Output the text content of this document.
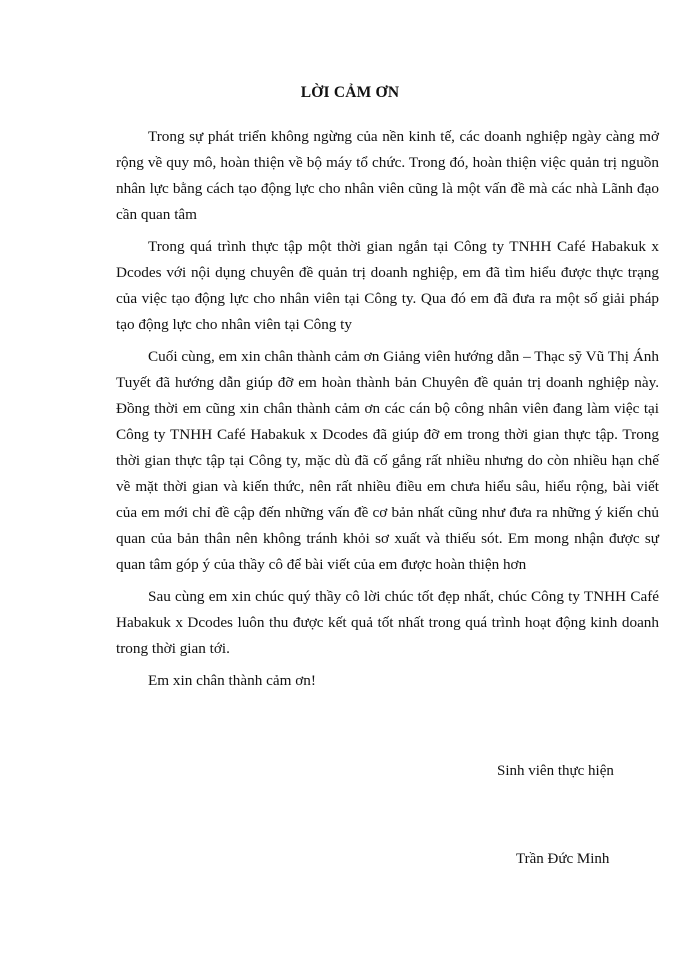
LỜI CẢM ƠN

Trong sự phát triển không ngừng của nền kinh tế, các doanh nghiệp ngày càng mở rộng về quy mô, hoàn thiện về bộ máy tổ chức. Trong đó, hoàn thiện việc quản trị nguồn nhân lực bằng cách tạo động lực cho nhân viên cũng là một vấn đề mà các nhà Lãnh đạo cần quan tâm

Trong quá trình thực tập một thời gian ngắn tại Công ty TNHH Café Habakuk x Dcodes với nội dụng chuyên đề quản trị doanh nghiệp, em đã tìm hiểu được thực trạng của việc tạo động lực cho nhân viên tại Công ty. Qua đó em đã đưa ra một số giải pháp tạo động lực cho nhân viên tại Công ty

Cuối cùng, em xin chân thành cảm ơn Giảng viên hướng dẫn – Thạc sỹ Vũ Thị Ánh Tuyết đã hướng dẫn giúp đỡ em hoàn thành bản Chuyên đề quản trị doanh nghiệp này. Đồng thời em cũng xin chân thành cảm ơn các cán bộ công nhân viên đang làm việc tại Công ty TNHH Café Habakuk x Dcodes đã giúp đỡ em trong thời gian thực tập. Trong thời gian thực tập tại Công ty, mặc dù đã cố gắng rất nhiều nhưng do còn nhiều hạn chế về mặt thời gian và kiến thức, nên rất nhiều điều em chưa hiểu sâu, hiểu rộng, bài viết của em mới chỉ đề cập đến những vấn đề cơ bản nhất cũng như đưa ra những ý kiến chủ quan của bản thân nên không tránh khỏi sơ xuất và thiếu sót. Em mong nhận được sự quan tâm góp ý của thầy cô để bài viết của em được hoàn thiện hơn

Sau cùng em xin chúc quý thầy cô lời chúc tốt đẹp nhất, chúc Công ty TNHH Café Habakuk x Dcodes luôn thu được kết quả tốt nhất trong quá trình hoạt động kinh doanh trong thời gian tới.

Em xin chân thành cảm ơn!

Sinh viên thực hiện
Trần Đức Minh
